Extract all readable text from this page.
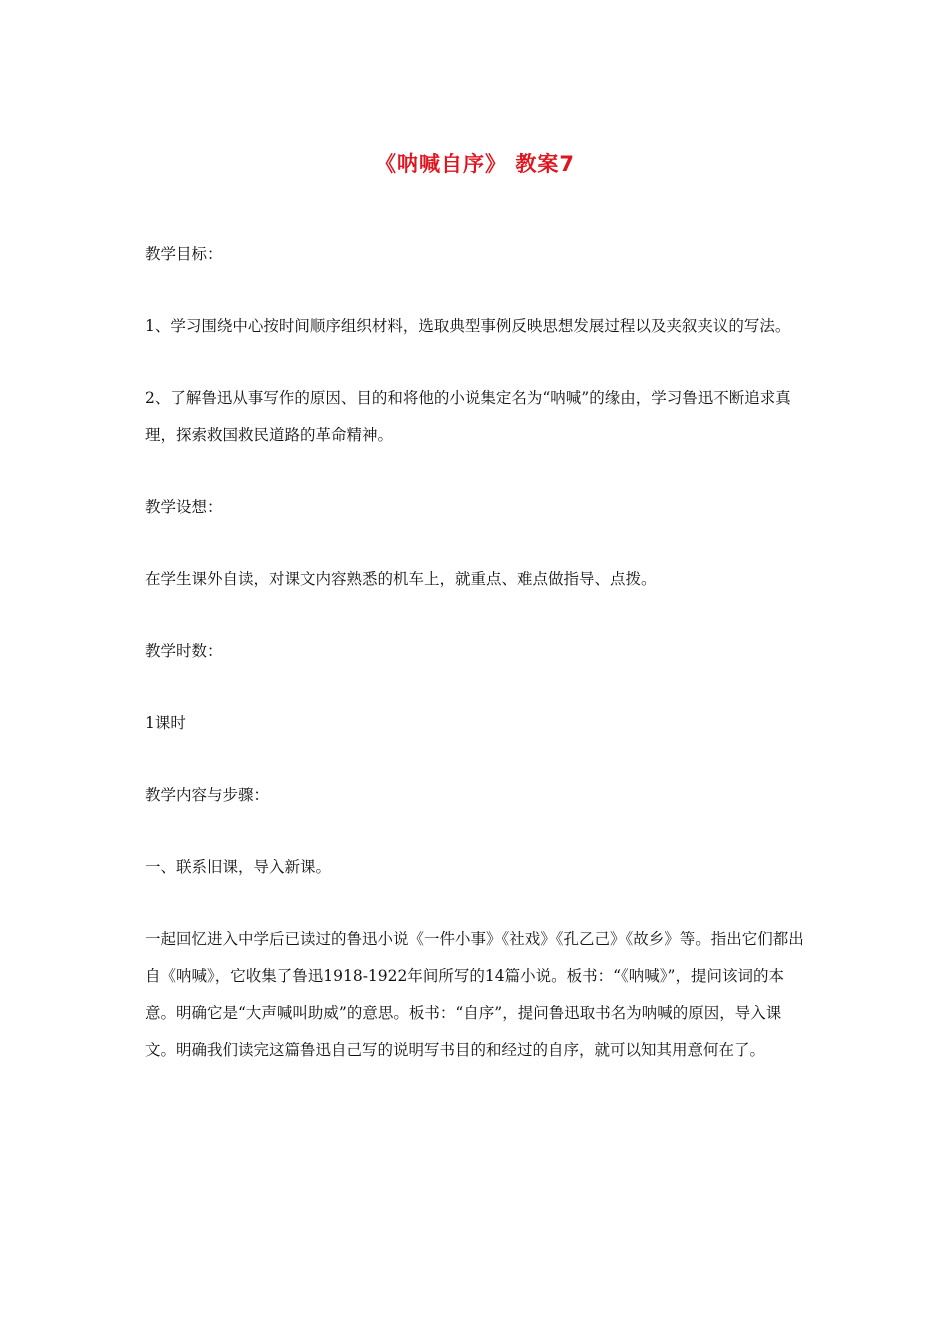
《呐喊自序》 教案7

教学目标：

1、学习围绕中心按时间顺序组织材料，选取典型事例反映思想发展过程以及夹叙夹议的写法。

2、了解鲁迅从事写作的原因、目的和将他的小说集定名为“呐喊”的缘由，学习鲁迅不断追求真理，探索救国救民道路的革命精神。

教学设想：

在学生课外自读，对课文内容熟悉的机车上，就重点、难点做指导、点拨。

教学时数：

1课时

教学内容与步骤：

一、联系旧课，导入新课。

一起回忆进入中学后已读过的鲁迅小说《一件小事》《社戏》《孔乙己》《故乡》等。指出它们都出自《呐喊》，它收集了鲁迅1918-1922年间所写的14篇小说。板书：“《呐喊》”，提问该词的本意。明确它是“大声喊叫助威”的意思。板书：“自序”，提问鲁迅取书名为呐喊的原因，导入课文。明确我们读完这篇鲁迅自己写的说明写书目的和经过的自序，就可以知其用意何在了。
